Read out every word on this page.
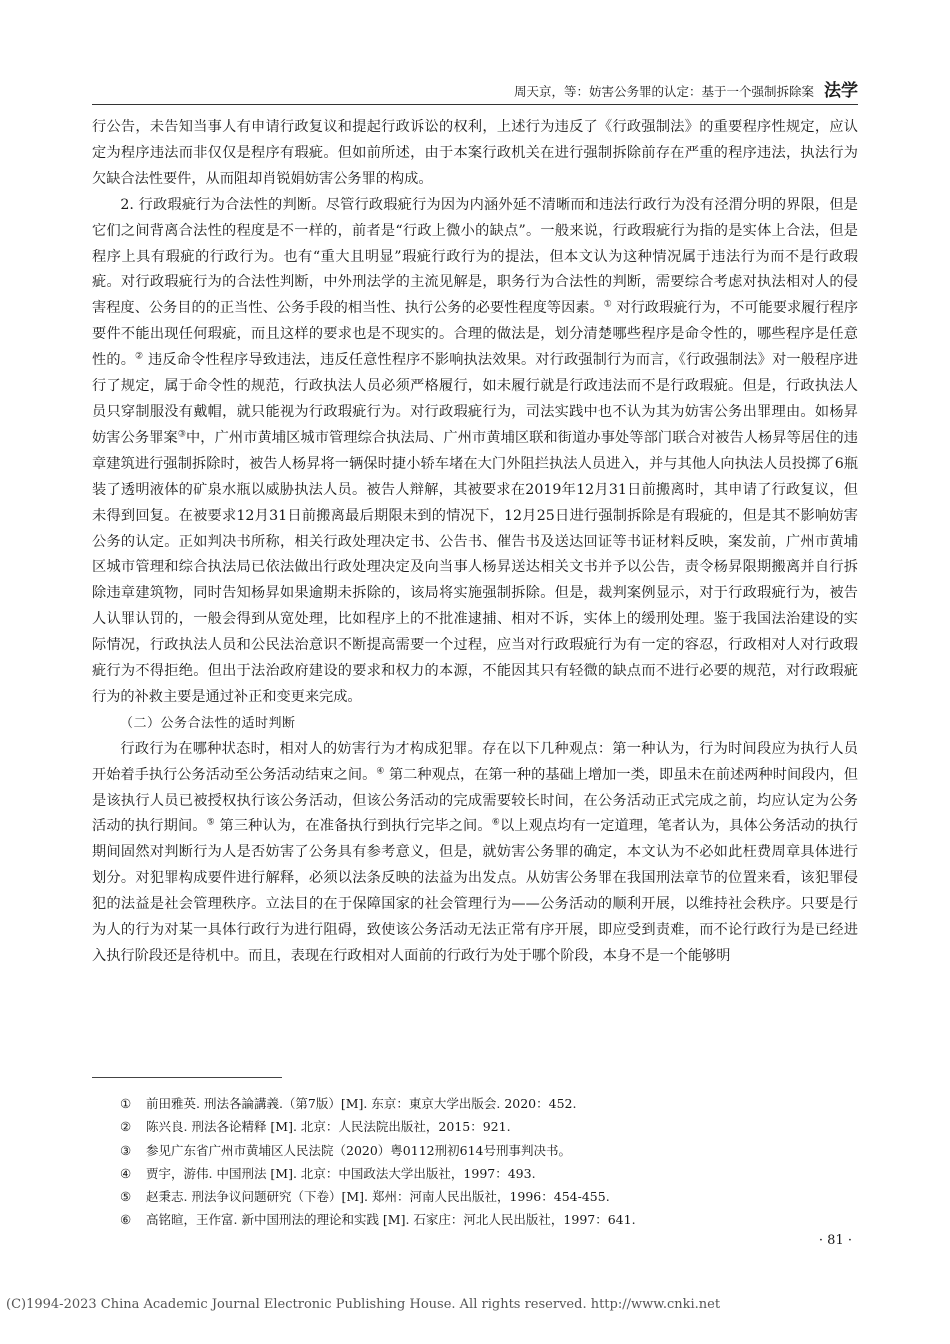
周天京，等：妨害公务罪的认定：基于一个强制拆除案 法学

行公告，未告知当事人有申请行政复议和提起行政诉讼的权利，上述行为违反了《行政强制法》的重要程序性规定，应认定为程序违法而非仅仅是程序有瑕疵。但如前所述，由于本案行政机关在进行强制拆除前存在严重的程序违法，执法行为欠缺合法性要件，从而阻却肖锐娟妨害公务罪的构成。

2. 行政瑕疵行为合法性的判断。尽管行政瑕疵行为因为内涵外延不清晰而和违法行政行为没有泾渭分明的界限，但是它们之间背离合法性的程度是不一样的，前者是“行政上微小的缺点”。一般来说，行政瑕疵行为指的是实体上合法，但是程序上具有瑕疵的行政行为。也有“重大且明显”瑕疵行政行为的提法，但本文认为这种情况属于违法行为而不是行政瑕疵。对行政瑕疵行为的合法性判断，中外刑法学的主流见解是，职务行为合法性的判断，需要综合考虑对执法相对人的侵害程度、公务目的的正当性、公务手段的相当性、执行公务的必要性程度等因素。① 对行政瑕疵行为，不可能要求履行程序要件不能出现任何瑕疵，而且这样的要求也是不现实的。合理的做法是，划分清楚哪些程序是命令性的，哪些程序是任意性的。② 违反命令性程序导致违法，违反任意性程序不影响执法效果。对行政强制行为而言，《行政强制法》对一般程序进行了规定，属于命令性的规范，行政执法人员必须严格履行，如未履行就是行政违法而不是行政瑕疵。但是，行政执法人员只穿制服没有戴帽，就只能视为行政瑕疵行为。对行政瑕疵行为，司法实践中也不认为其为妨害公务出罪理由。如杨昇妨害公务罪案③中，广州市黄埔区城市管理综合执法局、广州市黄埔区联和街道办事处等部门联合对被告人杨昇等居住的违章建筑进行强制拆除时，被告人杨昇将一辆保时捷小轿车堵在大门外阻拦执法人员进入，并与其他人向执法人员投掷了6瓶装了透明液体的矿泉水瓶以威胁执法人员。被告人辩解，其被要求在2019年12月31日前搬离时，其申请了行政复议，但未得到回复。在被要求12月31日前搬离最后期限未到的情况下，12月25日进行强制拆除是有瑕疵的，但是其不影响妨害公务的认定。正如判决书所称，相关行政处理决定书、公告书、催告书及送达回证等书证材料反映，案发前，广州市黄埔区城市管理和综合执法局已依法做出行政处理决定及向当事人杨昇送达相关文书并予以公告，责令杨昇限期搬离并自行拆除违章建筑物，同时告知杨昇如果逾期未拆除的，该局将实施强制拆除。但是，裁判案例显示，对于行政瑕疵行为，被告人认罪认罚的，一般会得到从宽处理，比如程序上的不批准逮捕、相对不诉，实体上的缓刑处理。鉴于我国法治建设的实际情况，行政执法人员和公民法治意识不断提高需要一个过程，应当对行政瑕疵行为有一定的容忍，行政相对人对行政瑕疵行为不得拒绝。但出于法治政府建设的要求和权力的本源，不能因其只有轻微的缺点而不进行必要的规范，对行政瑕疵行为的补救主要是通过补正和变更来完成。

（二）公务合法性的适时判断

行政行为在哪种状态时，相对人的妨害行为才构成犯罪。存在以下几种观点：第一种认为，行为时间段应为执行人员开始着手执行公务活动至公务活动结束之间。④ 第二种观点，在第一种的基础上增加一类，即虽未在前述两种时间段内，但是该执行人员已被授权执行该公务活动，但该公务活动的完成需要较长时间，在公务活动正式完成之前，均应认定为公务活动的执行期间。⑤ 第三种认为，在准备执行到执行完毕之间。⑥以上观点均有一定道理，笔者认为，具体公务活动的执行期间固然对判断行为人是否妨害了公务具有参考意义，但是，就妨害公务罪的确定，本文认为不必如此枉费周章具体进行划分。对犯罪构成要件进行解释，必须以法条反映的法益为出发点。从妨害公务罪在我国刑法章节的位置来看，该犯罪侵犯的法益是社会管理秩序。立法目的在于保障国家的社会管理行为——公务活动的顺利开展，以维持社会秩序。只要是行为人的行为对某一具体行政行为进行阻碍，致使该公务活动无法正常有序开展，即应受到责难，而不论行政行为是已经进入执行阶段还是待机中。而且，表现在行政相对人面前的行政行为处于哪个阶段，本身不是一个能够明

①	前田雅英. 刑法各論講義.（第7版）[M]. 东京：東京大学出版会. 2020：452.
②	陈兴良. 刑法各论精释 [M]. 北京：人民法院出版社，2015：921.
③	参见广东省广州市黄埔区人民法院（2020）粤0112刑初614号刑事判决书。
④	贾宇，游伟. 中国刑法 [M]. 北京：中国政法大学出版社，1997：493.
⑤	赵秉志. 刑法争议问题研究（下卷）[M]. 郑州：河南人民出版社，1996：454-455.
⑥	高铭暄，王作富. 新中国刑法的理论和实践 [M]. 石家庄：河北人民出版社，1997：641.
· 81 ·
(C)1994-2023 China Academic Journal Electronic Publishing House. All rights reserved. http://www.cnki.net
